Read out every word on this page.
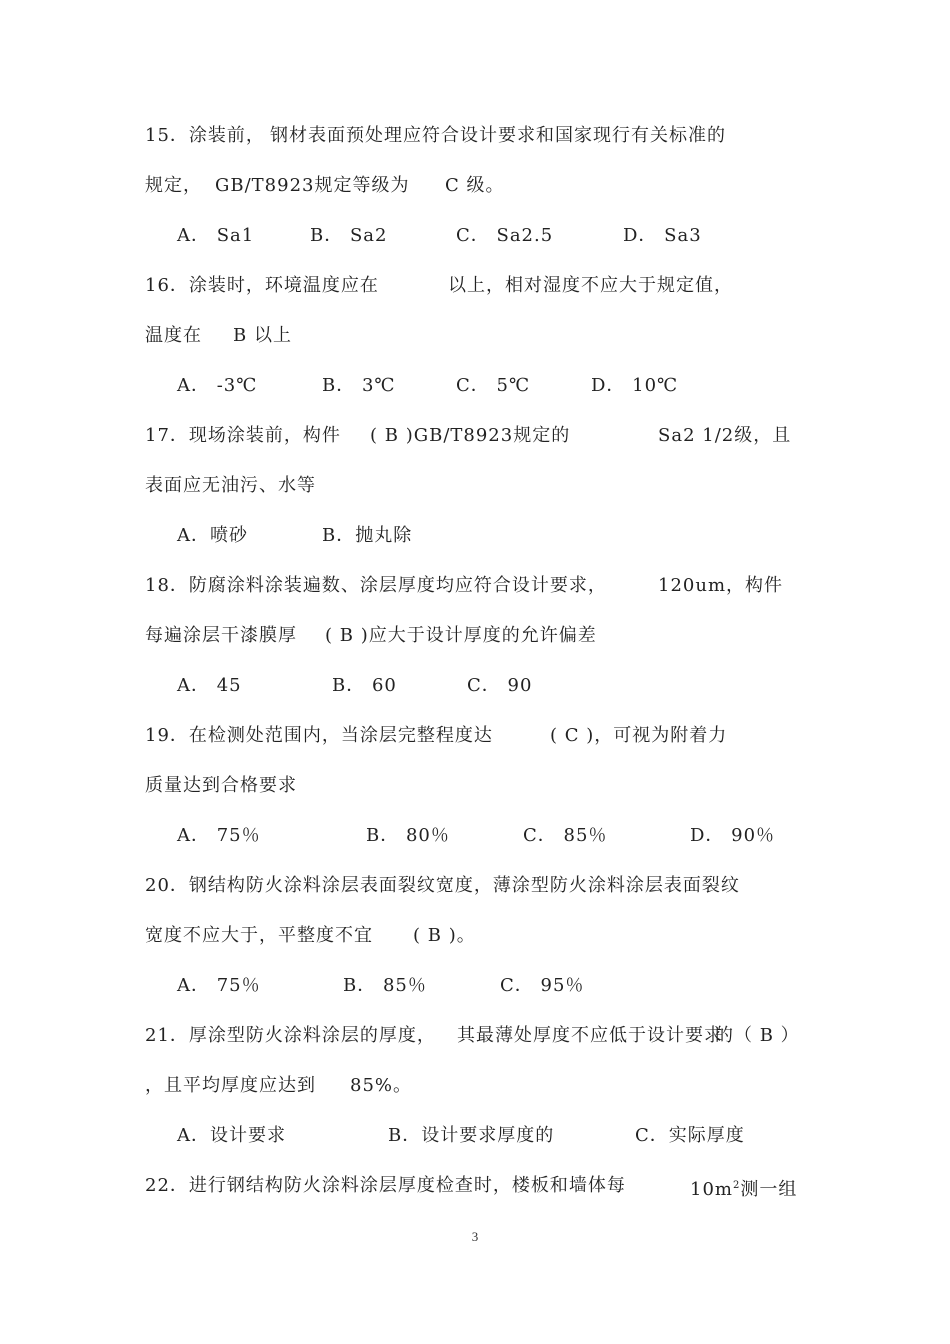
15．涂装前， 钢材表面预处理应符合设计要求和国家现行有关标准的
规定， GB/T8923规定等级为 C 级。
A． Sa1	B． Sa2	C． Sa2.5	D． Sa3
16．涂装时，环境温度应在	以上，相对湿度不应大于规定值，
温度在 B 以上
A． -3℃	B． 3℃	C． 5℃	D． 10℃
17．现场涂装前，构件 ( B )GB/T8923规定的	Sa2 1/2级，且
表面应无油污、水等
A．喷砂	B．抛丸除
18．防腐涂料涂装遍数、涂层厚度均应符合设计要求，	120um，构件
每遍涂层干漆膜厚 ( B )应大于设计厚度的允许偏差
A． 45	B． 60	C． 90
19．在检测处范围内，当涂层完整程度达	( C )，可视为附着力
质量达到合格要求
A． 75％	B． 80％	C． 85％	D． 90％
20．钢结构防火涂料涂层表面裂纹宽度，薄涂型防火涂料涂层表面裂纹
宽度不应大于，平整度不宜 ( B )。
A． 75％	B． 85％	C． 95％
21．厚涂型防火涂料涂层的厚度， 其最薄处厚度不应低于设计要求
的（ B ）
，且平均厚度应达到 85%。
A．设计要求	B．设计要求厚度的	C．实际厚度
22．进行钢结构防火涂料涂层厚度检查时，楼板和墙体每	$10m^2$测一组
3
